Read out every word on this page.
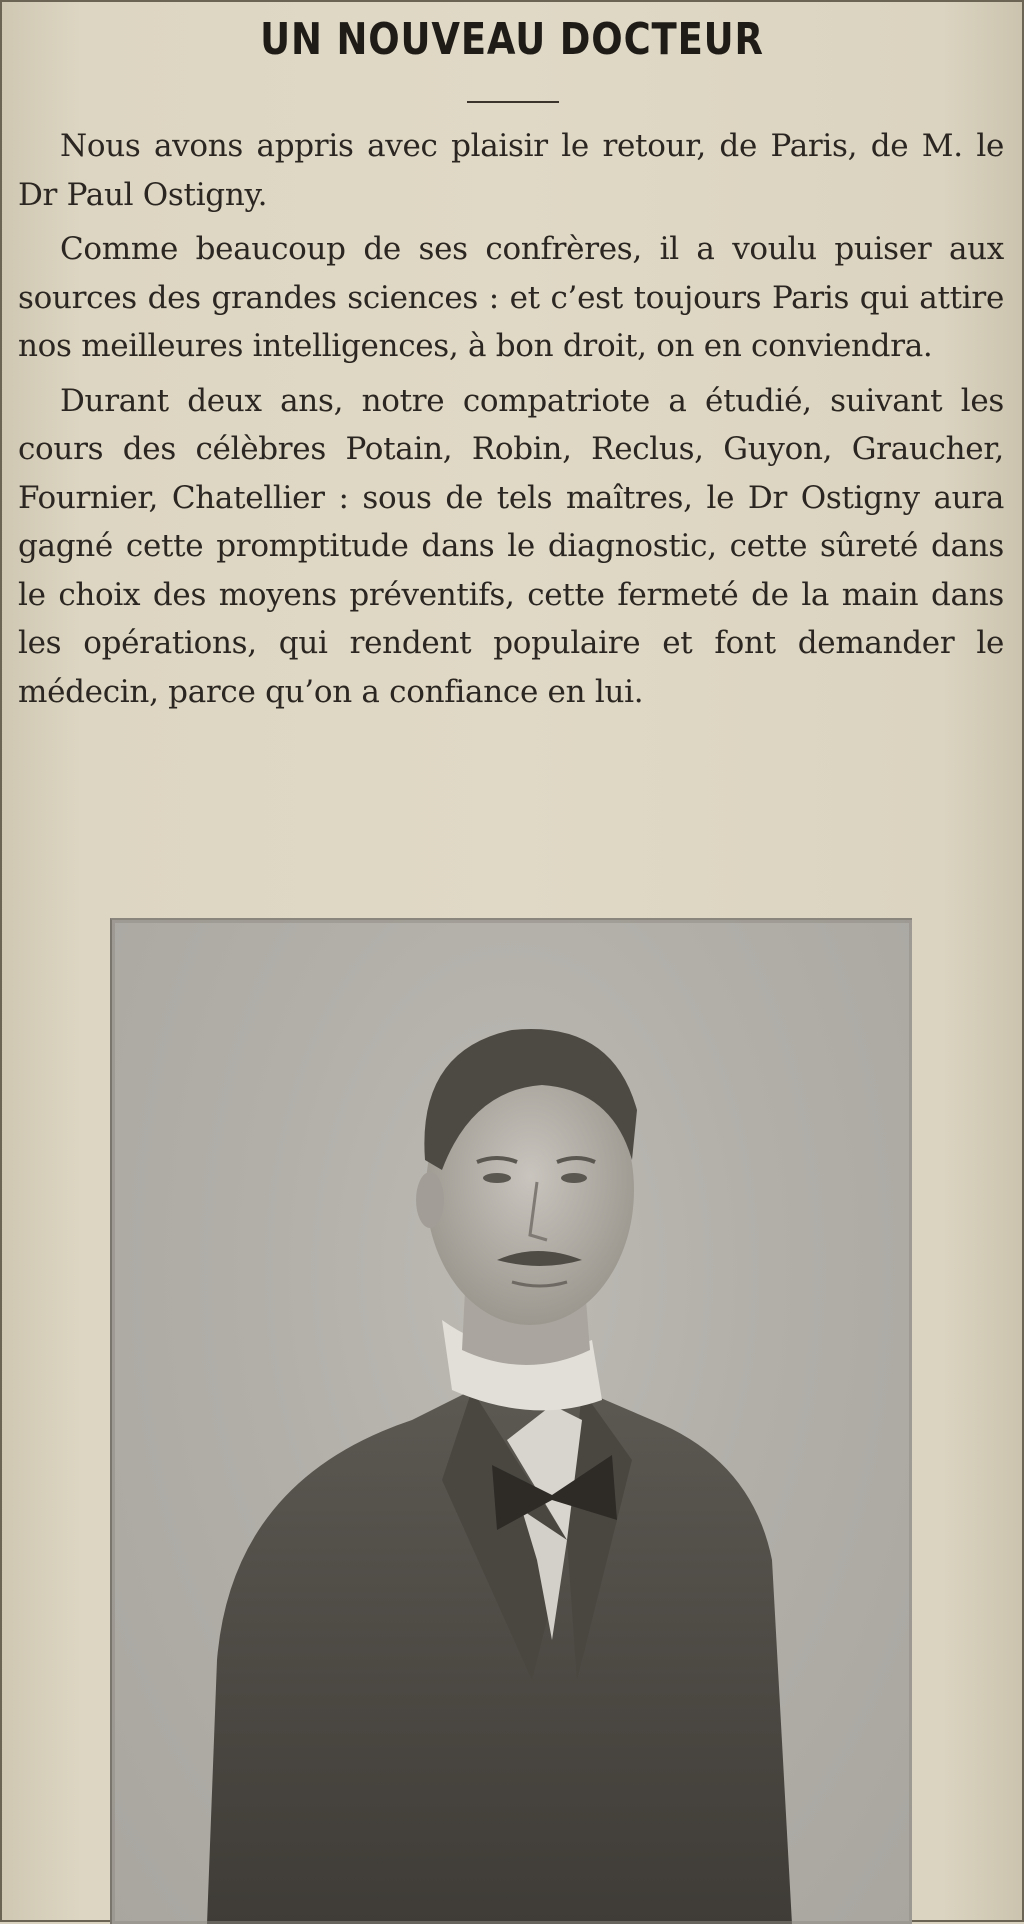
UN NOUVEAU DOCTEUR

Nous avons appris avec plaisir le retour, de Paris, de M. le Dr Paul Ostigny.

Comme beaucoup de ses confrères, il a voulu puiser aux sources des grandes sciences : et c’est toujours Paris qui attire nos meilleures intelligences, à bon droit, on en conviendra.

Durant deux ans, notre compatriote a étudié, suivant les cours des célèbres Potain, Robin, Reclus, Guyon, Graucher, Fournier, Chatellier : sous de tels maîtres, le Dr Ostigny aura gagné cette promptitude dans le diagnostic, cette sûreté dans le choix des moyens préventifs, cette fermeté de la main dans les opérations, qui rendent populaire et font demander le médecin, parce qu’on a confiance en lui.
